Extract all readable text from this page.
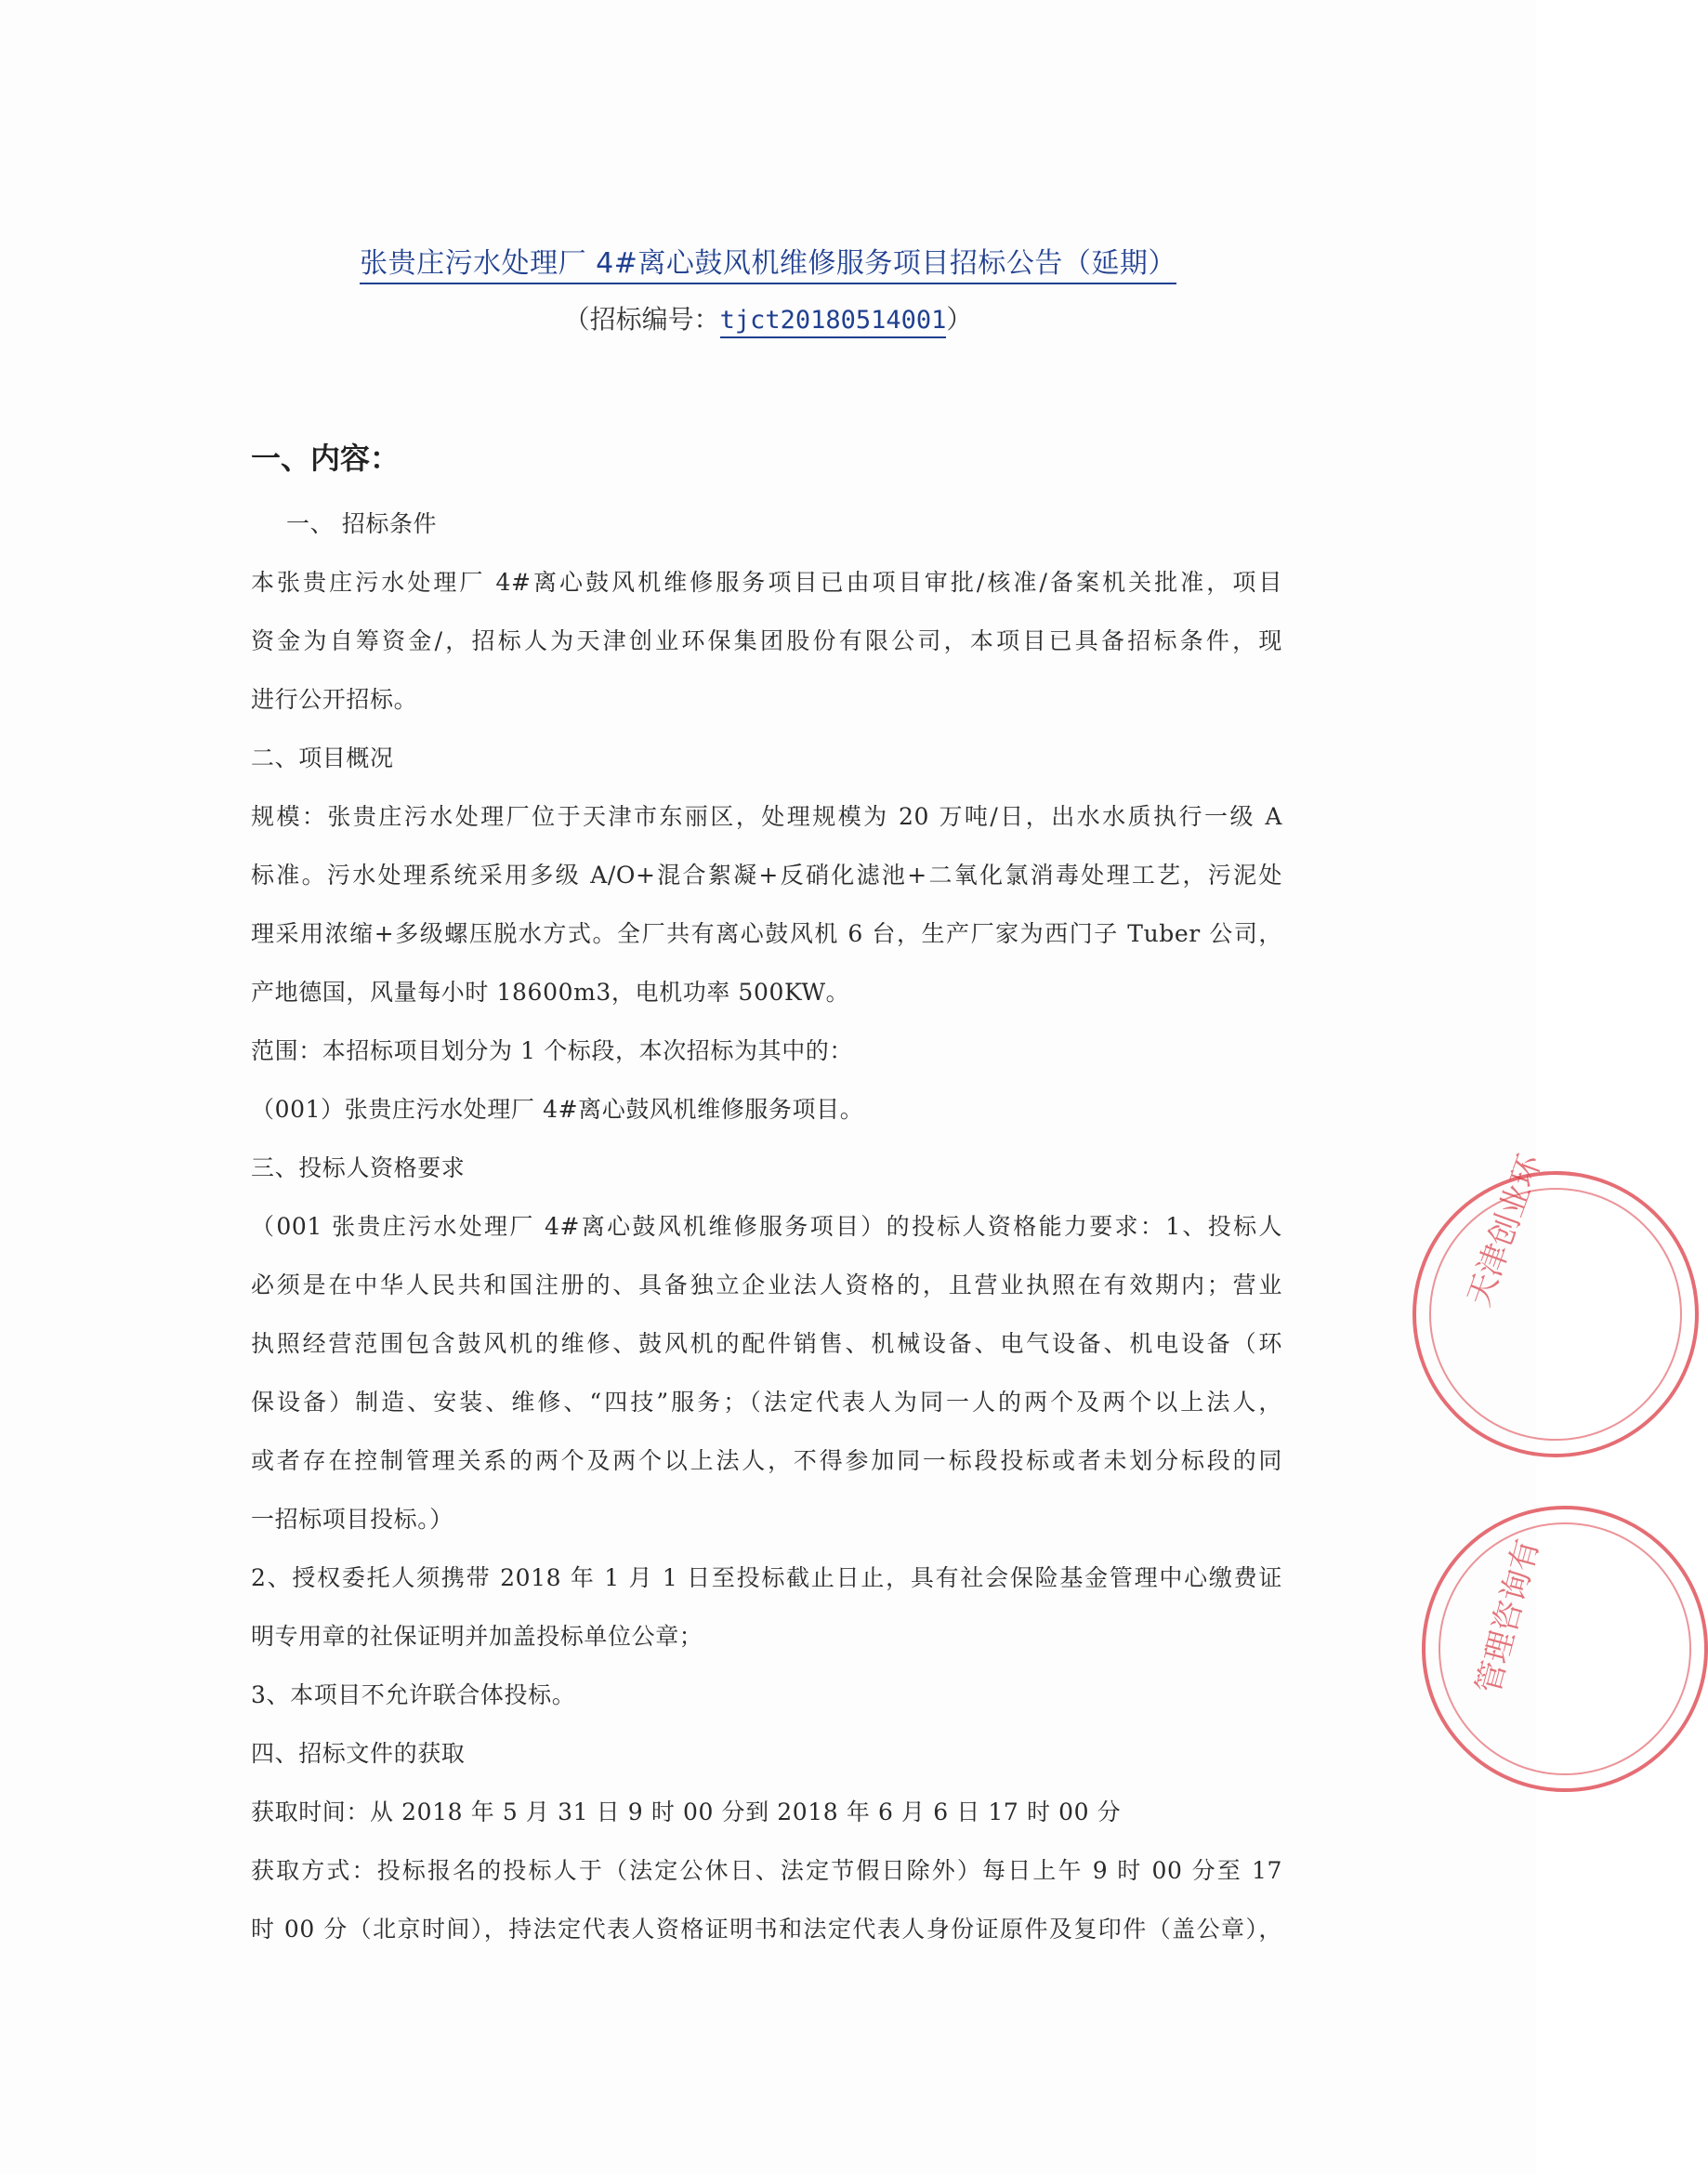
张贵庄污水处理厂 4#离心鼓风机维修服务项目招标公告（延期）
（招标编号：tjct20180514001）
一、内容：
一、 招标条件
本张贵庄污水处理厂 4#离心鼓风机维修服务项目已由项目审批/核准/备案机关批准，项目
资金为自筹资金/，招标人为天津创业环保集团股份有限公司，本项目已具备招标条件，现
进行公开招标。
二、项目概况
规模：张贵庄污水处理厂位于天津市东丽区，处理规模为 20 万吨/日，出水水质执行一级 A
标准。污水处理系统采用多级 A/O+混合絮凝+反硝化滤池+二氧化氯消毒处理工艺，污泥处
理采用浓缩+多级螺压脱水方式。全厂共有离心鼓风机 6 台，生产厂家为西门子 Tuber 公司，
产地德国，风量每小时 18600m3，电机功率 500KW。
范围：本招标项目划分为 1 个标段，本次招标为其中的：
（001）张贵庄污水处理厂 4#离心鼓风机维修服务项目。
三、投标人资格要求
（001 张贵庄污水处理厂 4#离心鼓风机维修服务项目）的投标人资格能力要求：1、投标人
必须是在中华人民共和国注册的、具备独立企业法人资格的，且营业执照在有效期内；营业
执照经营范围包含鼓风机的维修、鼓风机的配件销售、机械设备、电气设备、机电设备（环
保设备）制造、安装、维修、“四技”服务；（法定代表人为同一人的两个及两个以上法人，
或者存在控制管理关系的两个及两个以上法人，不得参加同一标段投标或者未划分标段的同
一招标项目投标。）
2、授权委托人须携带 2018 年 1 月 1 日至投标截止日止，具有社会保险基金管理中心缴费证
明专用章的社保证明并加盖投标单位公章；
3、本项目不允许联合体投标。
四、招标文件的获取
获取时间：从 2018 年 5 月 31 日 9 时 00 分到 2018 年 6 月 6 日 17 时 00 分
获取方式：投标报名的投标人于（法定公休日、法定节假日除外）每日上午 9 时 00 分至 17
时 00 分（北京时间），持法定代表人资格证明书和法定代表人身份证原件及复印件（盖公章），
天津创业环
管理咨询有
